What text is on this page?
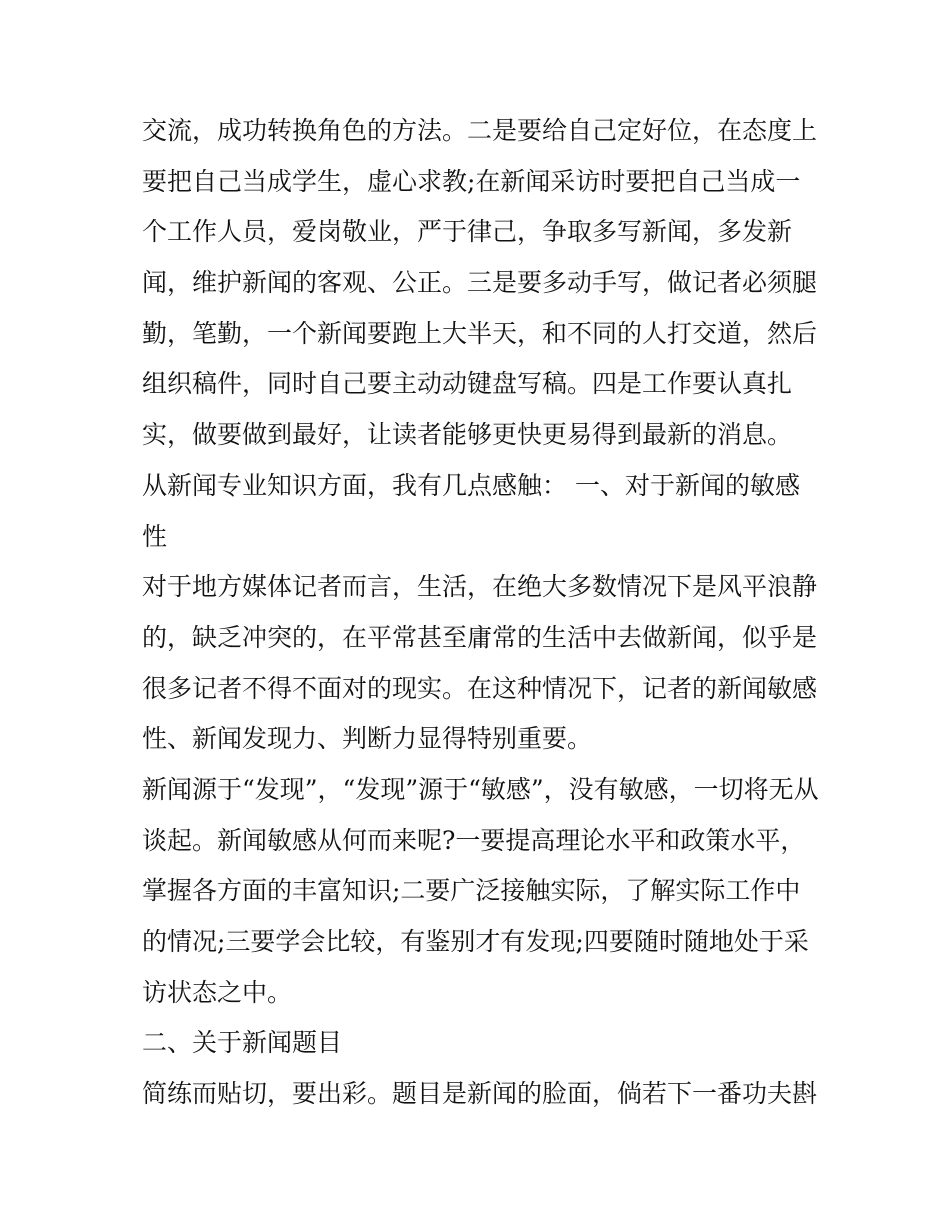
交流，成功转换角色的方法。二是要给自己定好位，在态度上
要把自己当成学生，虚心求教;在新闻采访时要把自己当成一
个工作人员，爱岗敬业，严于律己，争取多写新闻，多发新
闻，维护新闻的客观、公正。三是要多动手写，做记者必须腿
勤，笔勤，一个新闻要跑上大半天，和不同的人打交道，然后
组织稿件，同时自己要主动动键盘写稿。四是工作要认真扎
实，做要做到最好，让读者能够更快更易得到最新的消息。
从新闻专业知识方面，我有几点感触： 一、对于新闻的敏感
性
对于地方媒体记者而言，生活，在绝大多数情况下是风平浪静
的，缺乏冲突的，在平常甚至庸常的生活中去做新闻，似乎是
很多记者不得不面对的现实。在这种情况下，记者的新闻敏感
性、新闻发现力、判断力显得特别重要。
新闻源于“发现”，“发现”源于“敏感”，没有敏感，一切将无从
谈起。新闻敏感从何而来呢?一要提高理论水平和政策水平，
掌握各方面的丰富知识;二要广泛接触实际，了解实际工作中
的情况;三要学会比较，有鉴别才有发现;四要随时随地处于采
访状态之中。
二、关于新闻题目
简练而贴切，要出彩。题目是新闻的脸面，倘若下一番功夫斟
